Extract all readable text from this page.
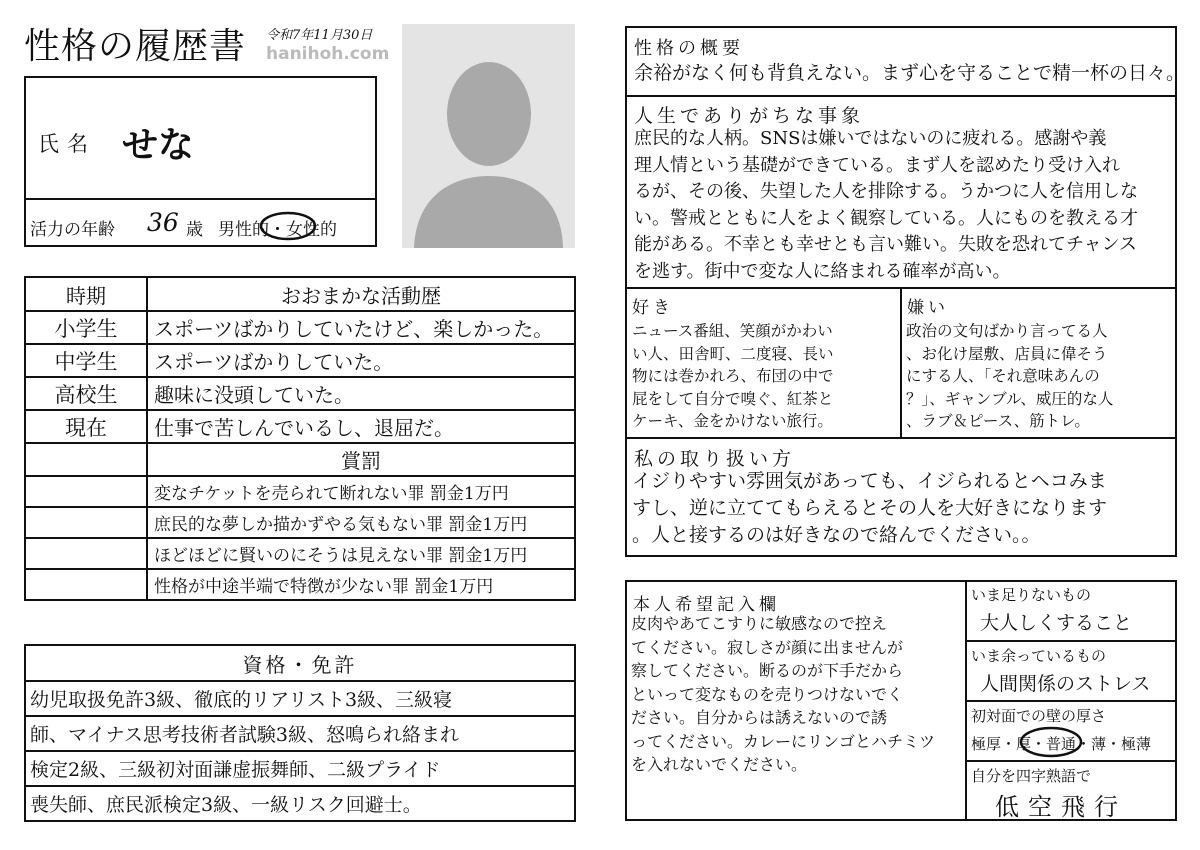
性格の履歴書 令和7年11月30日
hanihoh.com
氏名 せな
活力の年齢 36 歳 男性的・女性的
時期	おおまかな活動歴
小学生	スポーツばかりしていたけど、楽しかった。
中学生	スポーツばかりしていた。
高校生	趣味に没頭していた。
現在	仕事で苦しんでいるし、退屈だ。
	賞罰
	変なチケットを売られて断れない罪 罰金1万円
	庶民的な夢しか描かずやる気もない罪 罰金1万円
	ほどほどに賢いのにそうは見えない罪 罰金1万円
	性格が中途半端で特徴が少ない罪 罰金1万円
資格・免許
幼児取扱免許3級、徹底的リアリスト3級、三級寝
師、マイナス思考技術者試験3級、怒鳴られ絡まれ
検定2級、三級初対面謙虚振舞師、二級プライド
喪失師、庶民派検定3級、一級リスク回避士。
性格の概要
余裕がなく何も背負えない。まず心を守ることで精一杯の日々。
人生でありがちな事象
庶民的な人柄。SNSは嫌いではないのに疲れる。感謝や義
理人情という基礎ができている。まず人を認めたり受け入れ
るが、その後、失望した人を排除する。うかつに人を信用しな
い。警戒とともに人をよく観察している。人にものを教える才
能がある。不幸とも幸せとも言い難い。失敗を恐れてチャンス
を逃す。街中で変な人に絡まれる確率が高い。
好き
ニュース番組、笑顔がかわい
い人、田舎町、二度寝、長い
物には巻かれろ、布団の中で
屁をして自分で嗅ぐ、紅茶と
ケーキ、金をかけない旅行。
嫌い
政治の文句ばかり言ってる人
、お化け屋敷、店員に偉そう
にする人、「それ意味あんの
？」、ギャンブル、威圧的な人
、ラブ＆ピース、筋トレ。
私の取り扱い方
イジりやすい雰囲気があっても、イジられるとヘコみま
すし、逆に立ててもらえるとその人を大好きになります
。人と接するのは好きなので絡んでください。。
本人希望記入欄
皮肉やあてこすりに敏感なので控え
てください。寂しさが顔に出ませんが
察してください。断るのが下手だから
といって変なものを売りつけないでく
ださい。自分からは誘えないので誘
ってください。カレーにリンゴとハチミツ
を入れないでください。
いま足りないもの
大人しくすること
いま余っているもの
人間関係のストレス
初対面での壁の厚さ
極厚・厚・普通・薄・極薄
自分を四字熟語で
低空飛行
